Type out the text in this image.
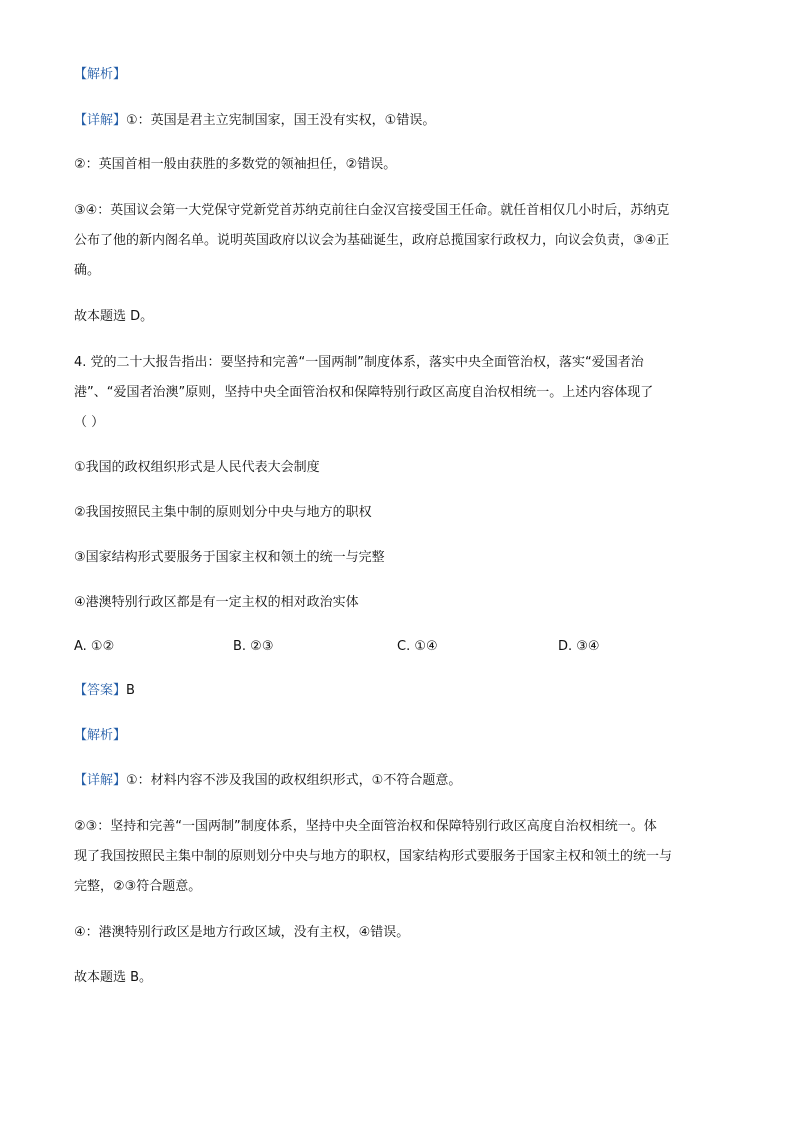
【解析】
【详解】①：英国是君主立宪制国家，国王没有实权，①错误。
②：英国首相一般由获胜的多数党的领袖担任，②错误。
③④：英国议会第一大党保守党新党首苏纳克前往白金汉宫接受国王任命。就任首相仅几小时后，苏纳克
公布了他的新内阁名单。说明英国政府以议会为基础诞生，政府总揽国家行政权力，向议会负责，③④正
确。
故本题选 D。
4. 党的二十大报告指出：要坚持和完善“一国两制”制度体系，落实中央全面管治权，落实“爱国者治
港”、“爱国者治澳”原则，坚持中央全面管治权和保障特别行政区高度自治权相统一。上述内容体现了
（ ）
①我国的政权组织形式是人民代表大会制度
②我国按照民主集中制的原则划分中央与地方的职权
③国家结构形式要服务于国家主权和领土的统一与完整
④港澳特别行政区都是有一定主权的相对政治实体
A. ①②	B. ②③	C. ①④	D. ③④
【答案】B
【解析】
【详解】①：材料内容不涉及我国的政权组织形式，①不符合题意。
②③：坚持和完善“一国两制”制度体系，坚持中央全面管治权和保障特别行政区高度自治权相统一。体
现了我国按照民主集中制的原则划分中央与地方的职权，国家结构形式要服务于国家主权和领土的统一与
完整，②③符合题意。
④：港澳特别行政区是地方行政区域，没有主权，④错误。
故本题选 B。
